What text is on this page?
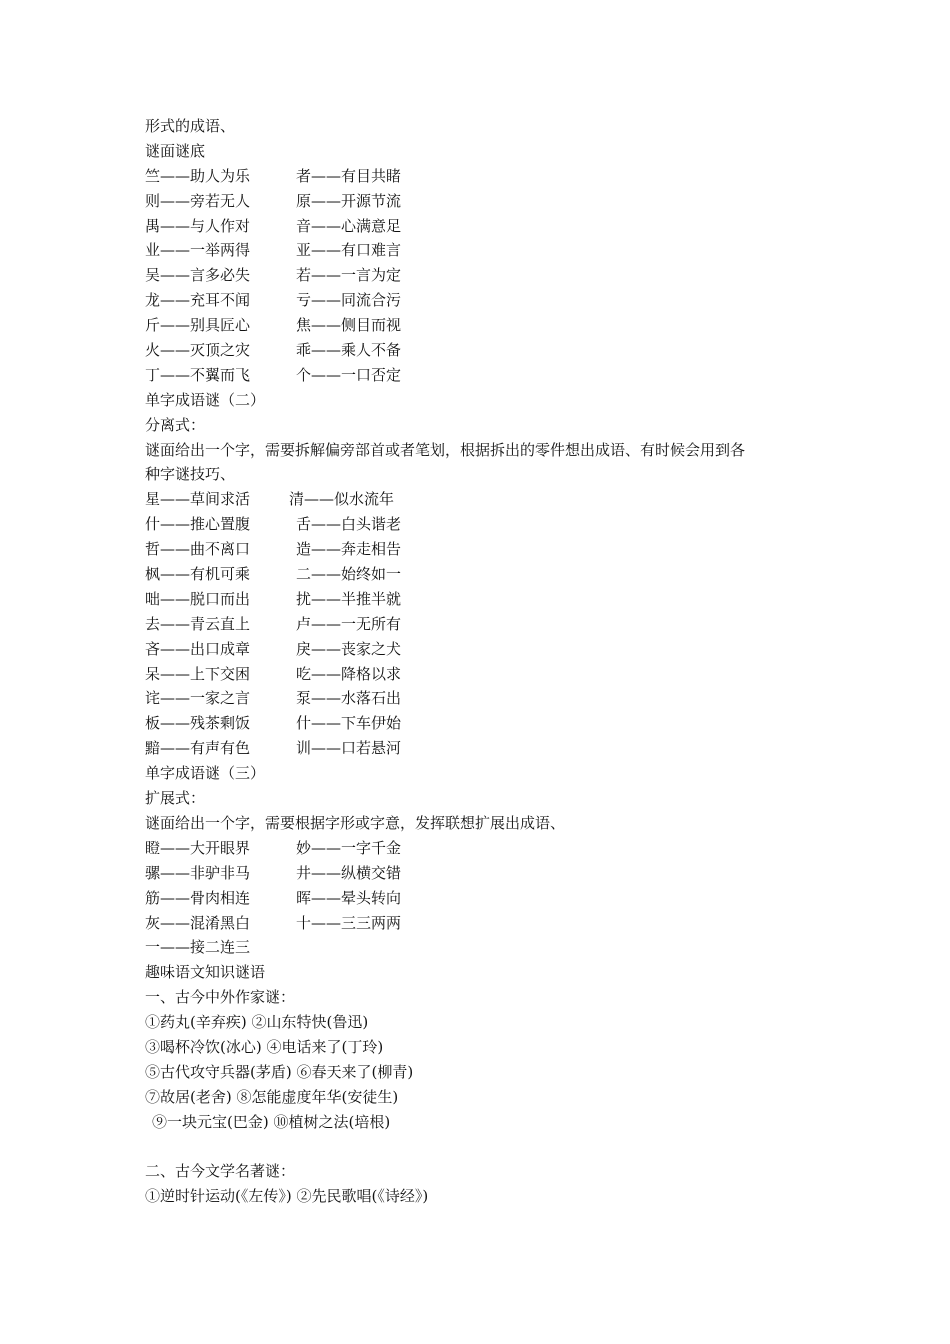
形式的成语、
谜面谜底
竺——助人为乐	者——有目共睹
则——旁若无人	原——开源节流
禺——与人作对	音——心满意足
业——一举两得	亚——有口难言
吴——言多必失	若——一言为定
龙——充耳不闻	亏——同流合污
斤——别具匠心	焦——侧目而视
火——灭顶之灾	乖——乘人不备
丁——不翼而飞	个——一口否定
单字成语谜（二）
分离式：
谜面给出一个字，需要拆解偏旁部首或者笔划，根据拆出的零件想出成语、有时候会用到各
种字谜技巧、
星——草间求活	清——似水流年
什——推心置腹	舌——白头谐老
哲——曲不离口	造——奔走相告
枫——有机可乘	二——始终如一
咄——脱口而出	扰——半推半就
去——青云直上	卢——一无所有
吝——出口成章	戾——丧家之犬
呆——上下交困	吃——降格以求
诧——一家之言	泵——水落石出
板——残茶剩饭	什——下车伊始
黯——有声有色	训——口若悬河
单字成语谜（三）
扩展式：
谜面给出一个字，需要根据字形或字意，发挥联想扩展出成语、
瞪——大开眼界	妙——一字千金
骡——非驴非马	井——纵横交错
筋——骨肉相连	晖——晕头转向
灰——混淆黑白	十——三三两两
一——接二连三
趣味语文知识谜语
一、古今中外作家谜：
①药丸(辛弃疾) ②山东特快(鲁迅)
③喝杯冷饮(冰心) ④电话来了(丁玲)
⑤古代攻守兵器(茅盾) ⑥春天来了(柳青)
⑦故居(老舍) ⑧怎能虚度年华(安徒生)
⑨一块元宝(巴金) ⑩植树之法(培根)
二、古今文学名著谜：
①逆时针运动(《左传》) ②先民歌唱(《诗经》)
